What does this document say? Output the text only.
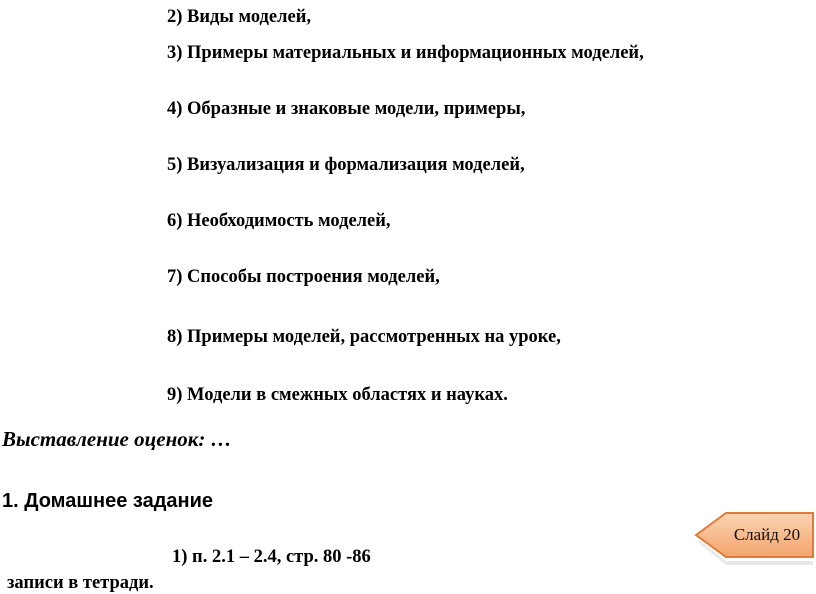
2) Виды моделей,
3) Примеры материальных и информационных моделей,
4) Образные и знаковые модели, примеры,
5) Визуализация и формализация моделей,
6) Необходимость моделей,
7) Способы построения моделей,
8) Примеры моделей, рассмотренных на уроке,
9) Модели в смежных областях и науках.
Выставление оценок: …
1. Домашнее задание
1) п. 2.1 – 2.4, стр. 80 -86
записи в тетради.
Слайд 20
